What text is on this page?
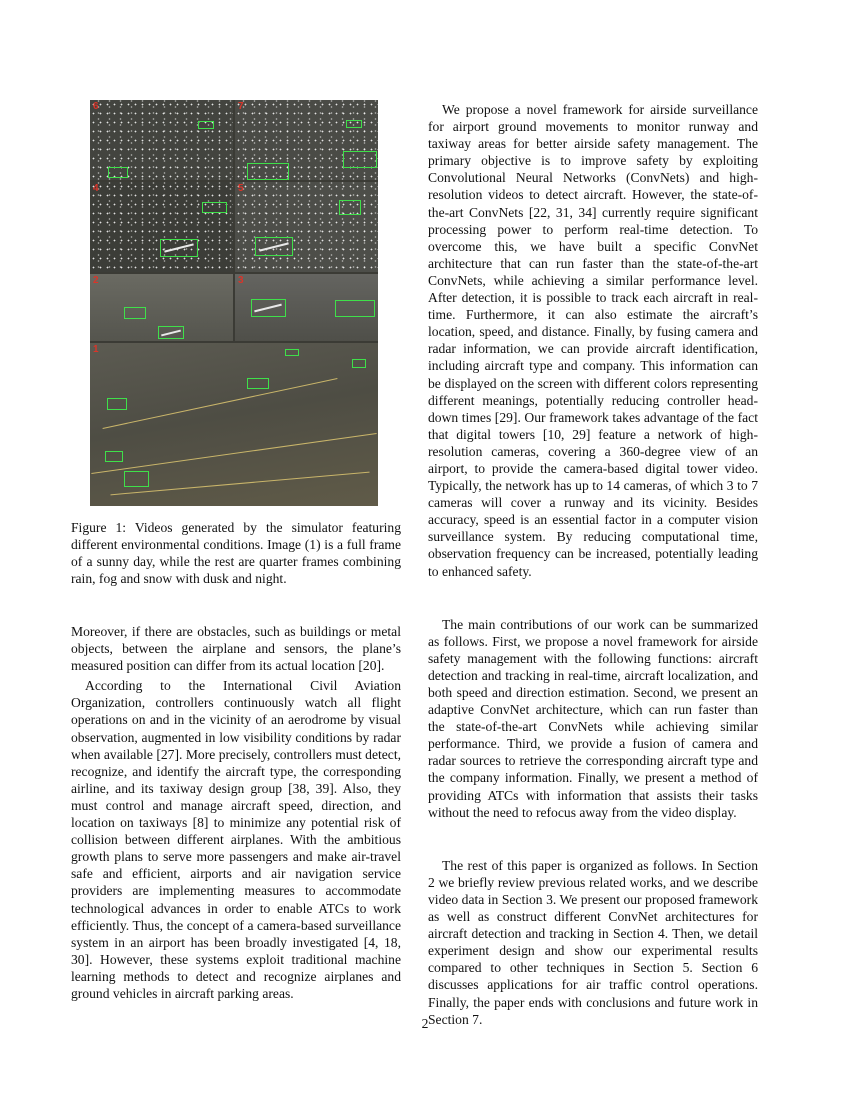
6	7
4	5
2	3
1
Figure 1: Videos generated by the simulator featuring different environmental conditions. Image (1) is a full frame of a sunny day, while the rest are quarter frames combining rain, fog and snow with dusk and night.

Moreover, if there are obstacles, such as buildings or metal objects, between the airplane and sensors, the plane’s measured position can differ from its actual location [20].

According to the International Civil Aviation Organization, controllers continuously watch all flight operations on and in the vicinity of an aerodrome by visual observation, augmented in low visibility conditions by radar when available [27]. More precisely, controllers must detect, recognize, and identify the aircraft type, the corresponding airline, and its taxiway design group [38, 39]. Also, they must control and manage aircraft speed, direction, and location on taxiways [8] to minimize any potential risk of collision between different airplanes. With the ambitious growth plans to serve more passengers and make air-travel safe and efficient, airports and air navigation service providers are implementing measures to accommodate technological advances in order to enable ATCs to work efficiently. Thus, the concept of a camera-based surveillance system in an airport has been broadly investigated [4, 18, 30]. However, these systems exploit traditional machine learning methods to detect and recognize airplanes and ground vehicles in aircraft parking areas.

We propose a novel framework for airside surveillance for airport ground movements to monitor runway and taxiway areas for better airside safety management. The primary objective is to improve safety by exploiting Convolutional Neural Networks (ConvNets) and high-resolution videos to detect aircraft. However, the state-of-the-art ConvNets [22, 31, 34] currently require significant processing power to perform real-time detection. To overcome this, we have built a specific ConvNet architecture that can run faster than the state-of-the-art ConvNets, while achieving a similar performance level. After detection, it is possible to track each aircraft in real-time. Furthermore, it can also estimate the aircraft’s location, speed, and distance. Finally, by fusing camera and radar information, we can provide aircraft identification, including aircraft type and company. This information can be displayed on the screen with different colors representing different meanings, potentially reducing controller head-down times [29]. Our framework takes advantage of the fact that digital towers [10, 29] feature a network of high-resolution cameras, covering a 360-degree view of an airport, to provide the camera-based digital tower video. Typically, the network has up to 14 cameras, of which 3 to 7 cameras will cover a runway and its vicinity. Besides accuracy, speed is an essential factor in a computer vision surveillance system. By reducing computational time, observation frequency can be increased, potentially leading to enhanced safety.

The main contributions of our work can be summarized as follows. First, we propose a novel framework for airside safety management with the following functions: aircraft detection and tracking in real-time, aircraft localization, and both speed and direction estimation. Second, we present an adaptive ConvNet architecture, which can run faster than the state-of-the-art ConvNets while achieving similar performance. Third, we provide a fusion of camera and radar sources to retrieve the corresponding aircraft type and the company information. Finally, we present a method of providing ATCs with information that assists their tasks without the need to refocus away from the video display.

The rest of this paper is organized as follows. In Section 2 we briefly review previous related works, and we describe video data in Section 3. We present our proposed framework as well as construct different ConvNet architectures for aircraft detection and tracking in Section 4. Then, we detail experiment design and show our experimental results compared to other techniques in Section 5. Section 6 discusses applications for air traffic control operations. Finally, the paper ends with conclusions and future work in Section 7.

2
